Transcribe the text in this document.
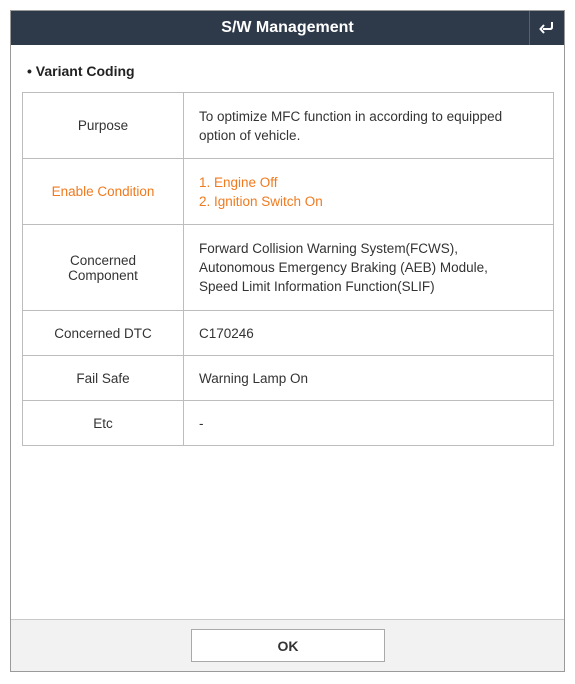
S/W Management
• Variant Coding
Purpose	To optimize MFC function in according to equipped
option of vehicle.

Enable Condition	1. Engine Off
2. Ignition Switch On

Concerned
Component	Forward Collision Warning System(FCWS),
Autonomous Emergency Braking (AEB) Module,
Speed Limit Information Function(SLIF)

Concerned DTC	C170246

Fail Safe	Warning Lamp On

Etc	-
OK
